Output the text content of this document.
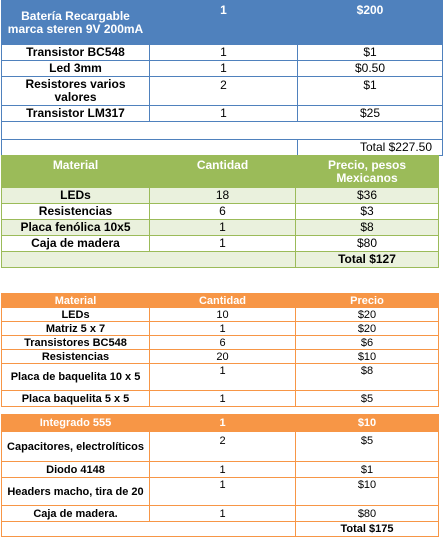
Batería Recargable marca steren 9V 200mA	1	$200
Transistor BC548	1	$1
Led 3mm	1	$0.50
Resistores varios valores	2	$1
Transistor LM317	1	$25

		Total $227.50
Material	Cantidad	Precio, pesos Mexicanos
LEDs	18	$36
Resistencias	6	$3
Placa fenólica 10x5	1	$8
Caja de madera	1	$80
		Total $127
Material	Cantidad	Precio
LEDs	10	$20
Matriz 5 x 7	1	$20
Transistores BC548	6	$6
Resistencias	20	$10
Placa de baquelita 10 x 5	1	$8
Placa baquelita 5 x 5	1	$5
Integrado 555	1	$10
Capacitores, electrolíticos	2	$5
Diodo 4148	1	$1
Headers macho, tira de 20	1	$10
Caja de madera.	1	$80
		Total $175
